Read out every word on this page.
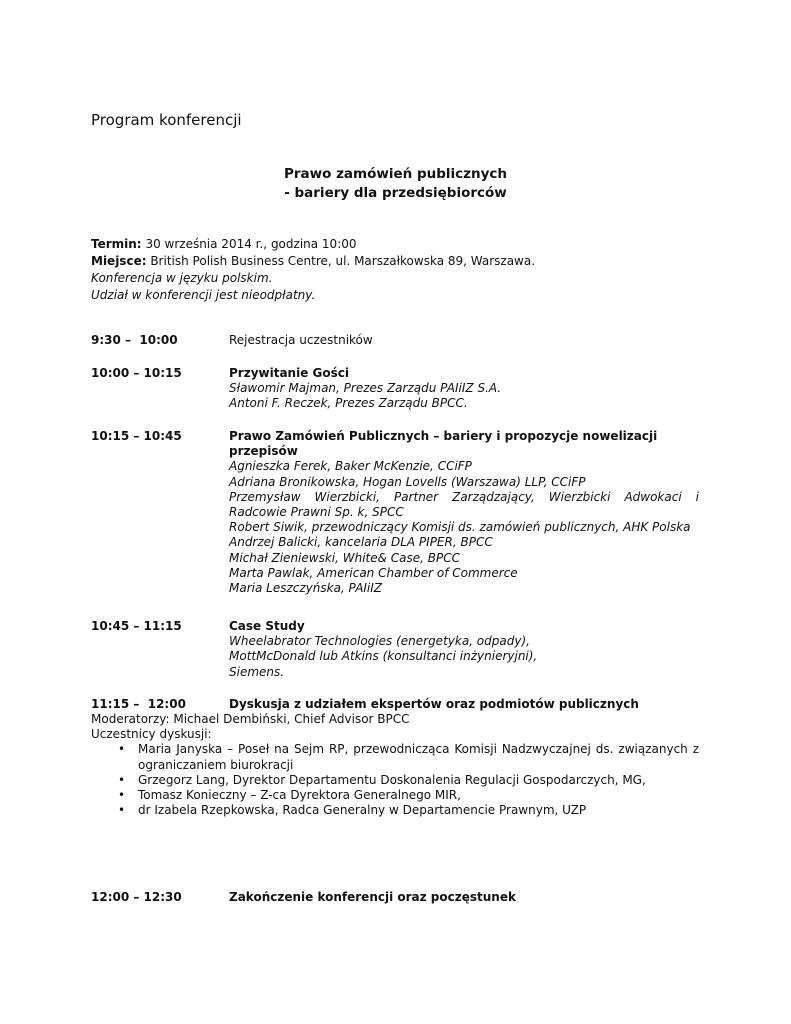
Program konferencji
Prawo zamówień publicznych
- bariery dla przedsiębiorców
Termin: 30 września 2014 r., godzina 10:00
Miejsce: British Polish Business Centre, ul. Marszałkowska 89, Warszawa.
Konferencja w języku polskim.
Udział w konferencji jest nieodpłatny.
9:30 –  10:00	Rejestracja uczestników
10:00 – 10:15	Przywitanie Gości
Sławomir Majman, Prezes Zarządu PAIiIZ S.A.
Antoni F. Reczek, Prezes Zarządu BPCC.
10:15 – 10:45	Prawo Zamówień Publicznych – bariery i propozycje nowelizacji przepisów
Agnieszka Ferek, Baker McKenzie, CCiFP
Adriana Bronikowska, Hogan Lovells (Warszawa) LLP, CCiFP
Przemysław Wierzbicki, Partner Zarządzający, Wierzbicki Adwokaci i Radcowie Prawni Sp. k, SPCC
Robert Siwik, przewodniczący Komisji ds. zamówień publicznych, AHK Polska
Andrzej Balicki, kancelaria DLA PIPER, BPCC
Michał Zieniewski, White& Case, BPCC
Marta Pawlak, American Chamber of Commerce
Maria Leszczyńska, PAIiIZ
10:45 – 11:15	Case Study
Wheelabrator Technologies (energetyka, odpady),
MottMcDonald lub Atkins (konsultanci inżynieryjni),
Siemens.
11:15 –  12:00	Dyskusja z udziałem ekspertów oraz podmiotów publicznych
Moderatorzy: Michael Dembiński, Chief Advisor BPCC
Uczestnicy dyskusji:
• Maria Janyska – Poseł na Sejm RP, przewodnicząca Komisji Nadzwyczajnej ds. związanych z ograniczaniem biurokracji
• Grzegorz Lang, Dyrektor Departamentu Doskonalenia Regulacji Gospodarczych, MG,
• Tomasz Konieczny – Z-ca Dyrektora Generalnego MIR,
• dr Izabela Rzepkowska, Radca Generalny w Departamencie Prawnym, UZP
12:00 – 12:30	Zakończenie konferencji oraz poczęstunek
